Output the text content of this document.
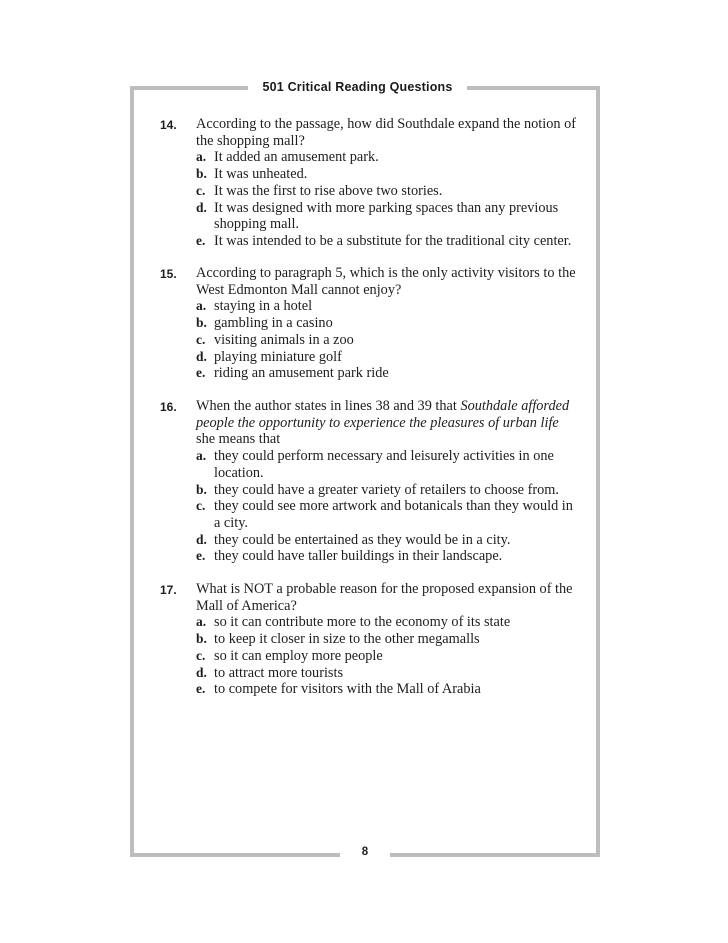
501 Critical Reading Questions
14.	According to the passage, how did Southdale expand the notion of the shopping mall?
a. It added an amusement park.
b. It was unheated.
c. It was the first to rise above two stories.
d. It was designed with more parking spaces than any previous shopping mall.
e. It was intended to be a substitute for the traditional city center.
15.	According to paragraph 5, which is the only activity visitors to the West Edmonton Mall cannot enjoy?
a. staying in a hotel
b. gambling in a casino
c. visiting animals in a zoo
d. playing miniature golf
e. riding an amusement park ride
16.	When the author states in lines 38 and 39 that Southdale afforded people the opportunity to experience the pleasures of urban life she means that
a. they could perform necessary and leisurely activities in one location.
b. they could have a greater variety of retailers to choose from.
c. they could see more artwork and botanicals than they would in a city.
d. they could be entertained as they would be in a city.
e. they could have taller buildings in their landscape.
17.	What is NOT a probable reason for the proposed expansion of the Mall of America?
a. so it can contribute more to the economy of its state
b. to keep it closer in size to the other megamalls
c. so it can employ more people
d. to attract more tourists
e. to compete for visitors with the Mall of Arabia
8
